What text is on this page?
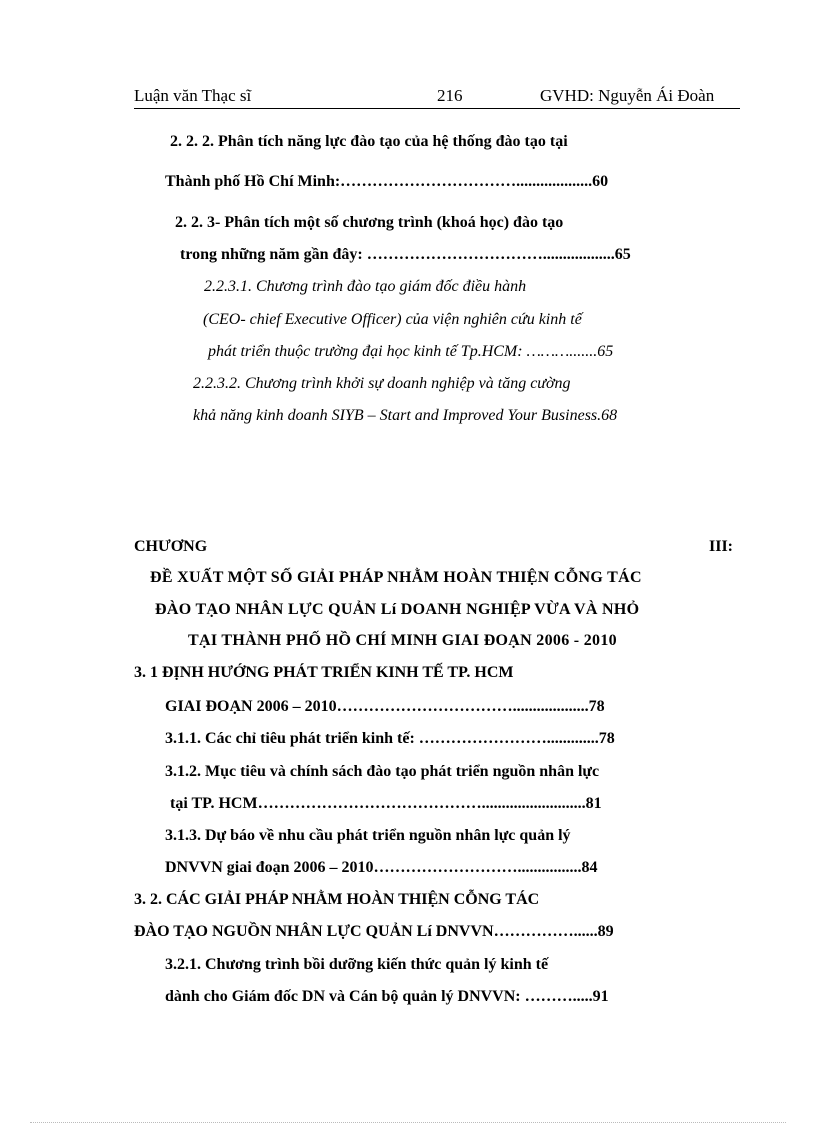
Luận văn Thạc sĩ	216	GVHD: Nguyễn Ái Đoàn
2. 2. 2. Phân tích năng lực đào tạo của hệ thống đào tạo tại
Thành phố Hồ Chí Minh:……………………………...................60
2. 2. 3- Phân tích một số chương trình (khoá học) đào tạo
trong những năm gần đây: ……………………………..................65
2.2.3.1. Chương trình đào tạo giám đốc điều hành
(CEO- chief Executive Officer) của viện nghiên cứu kinh tế
phát triển thuộc trường đại học kinh tế Tp.HCM: ……….......65
2.2.3.2. Chương trình khởi sự doanh nghiệp và tăng cường
khả năng kinh doanh SIYB – Start and Improved Your Business.68
CHƯƠNG	III:
ĐỀ XUẤT MỘT SỐ GIẢI PHÁP NHẰM HOÀN THIỆN CỖNG TÁC
ĐÀO TẠO NHÂN LỰC QUẢN Lí DOANH NGHIỆP VỪA VÀ NHỎ
TẠI THÀNH PHỐ HỒ CHÍ MINH GIAI ĐOẠN 2006 - 2010
3. 1 ĐỊNH HƯỚNG PHÁT TRIỂN KINH TẾ TP. HCM
GIAI ĐOẠN 2006 – 2010……………………………...................78
3.1.1. Các chỉ tiêu phát triển kinh tế: …………………….............78
3.1.2. Mục tiêu và chính sách đào tạo phát triển nguồn nhân lực
tại TP. HCM……………………………………..........................81
3.1.3. Dự báo về nhu cầu phát triển nguồn nhân lực quản lý
DNVVN giai đoạn 2006 – 2010………………………................84
3. 2. CÁC GIẢI PHÁP NHẰM HOÀN THIỆN CỖNG TÁC
ĐÀO TẠO NGUỒN NHÂN LỰC QUẢN Lí DNVVN……………......89
3.2.1. Chương trình bồi dưỡng kiến thức quản lý kinh tế
dành cho Giám đốc DN và Cán bộ quản lý DNVVN: ……….....91
